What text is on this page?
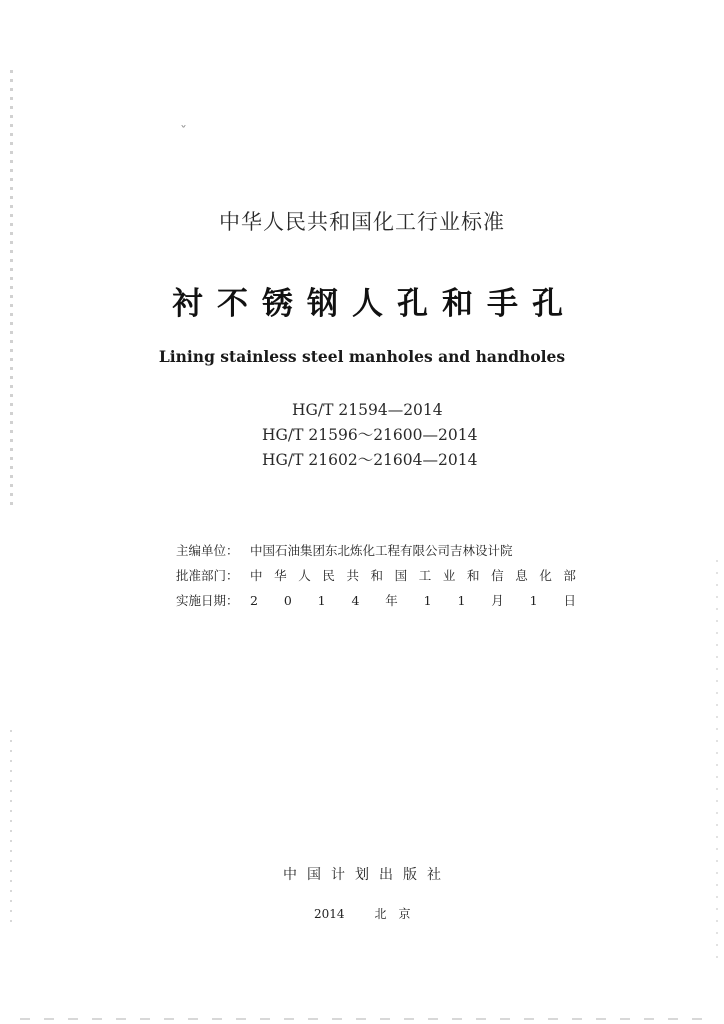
ˇ
中华人民共和国化工行业标准
衬不锈钢人孔和手孔
Lining stainless steel manholes and handholes
HG/T 21594—2014
HG/T 21596～21600—2014
HG/T 21602～21604—2014
主编单位： 中国石油集团东北炼化工程有限公司吉林设计院
批准部门： 中 华 人 民 共 和 国 工 业 和 信 息 化 部
实施日期： 2 0 1 4 年 1 1 月 1 日
中国计划出版社
2014	北　京
